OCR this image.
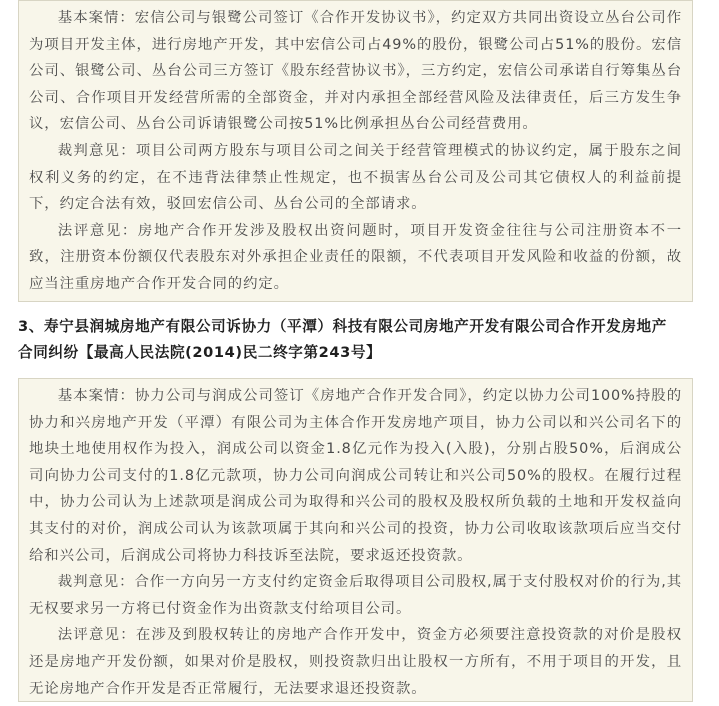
基本案情：宏信公司与银鹭公司签订《合作开发协议书》，约定双方共同出资设立丛台公司作为项目开发主体，进行房地产开发，其中宏信公司占49%的股份，银鹭公司占51%的股份。宏信公司、银鹭公司、丛台公司三方签订《股东经营协议书》，三方约定，宏信公司承诺自行筹集丛台公司、合作项目开发经营所需的全部资金，并对内承担全部经营风险及法律责任，后三方发生争议，宏信公司、丛台公司诉请银鹭公司按51%比例承担丛台公司经营费用。

裁判意见：项目公司两方股东与项目公司之间关于经营管理模式的协议约定，属于股东之间权利义务的约定，在不违背法律禁止性规定，也不损害丛台公司及公司其它债权人的利益前提下，约定合法有效，驳回宏信公司、丛台公司的全部请求。

法评意见：房地产合作开发涉及股权出资问题时，项目开发资金往往与公司注册资本不一致，注册资本份额仅代表股东对外承担企业责任的限额，不代表项目开发风险和收益的份额，故应当注重房地产合作开发合同的约定。

3、寿宁县润城房地产有限公司诉协力（平潭）科技有限公司房地产开发有限公司合作开发房地产
合同纠纷【最高人民法院(2014)民二终字第243号】

基本案情：协力公司与润成公司签订《房地产合作开发合同》，约定以协力公司100%持股的协力和兴房地产开发（平潭）有限公司为主体合作开发房地产项目，协力公司以和兴公司名下的地块土地使用权作为投入，润成公司以资金1.8亿元作为投入(入股)，分别占股50%，后润成公司向协力公司支付的1.8亿元款项，协力公司向润成公司转让和兴公司50%的股权。在履行过程中，协力公司认为上述款项是润成公司为取得和兴公司的股权及股权所负载的土地和开发权益向其支付的对价，润成公司认为该款项属于其向和兴公司的投资，协力公司收取该款项后应当交付给和兴公司，后润成公司将协力科技诉至法院，要求返还投资款。

裁判意见：合作一方向另一方支付约定资金后取得项目公司股权,属于支付股权对价的行为,其无权要求另一方将已付资金作为出资款支付给项目公司。

法评意见：在涉及到股权转让的房地产合作开发中，资金方必须要注意投资款的对价是股权还是房地产开发份额，如果对价是股权，则投资款归出让股权一方所有，不用于项目的开发，且无论房地产合作开发是否正常履行，无法要求退还投资款。
